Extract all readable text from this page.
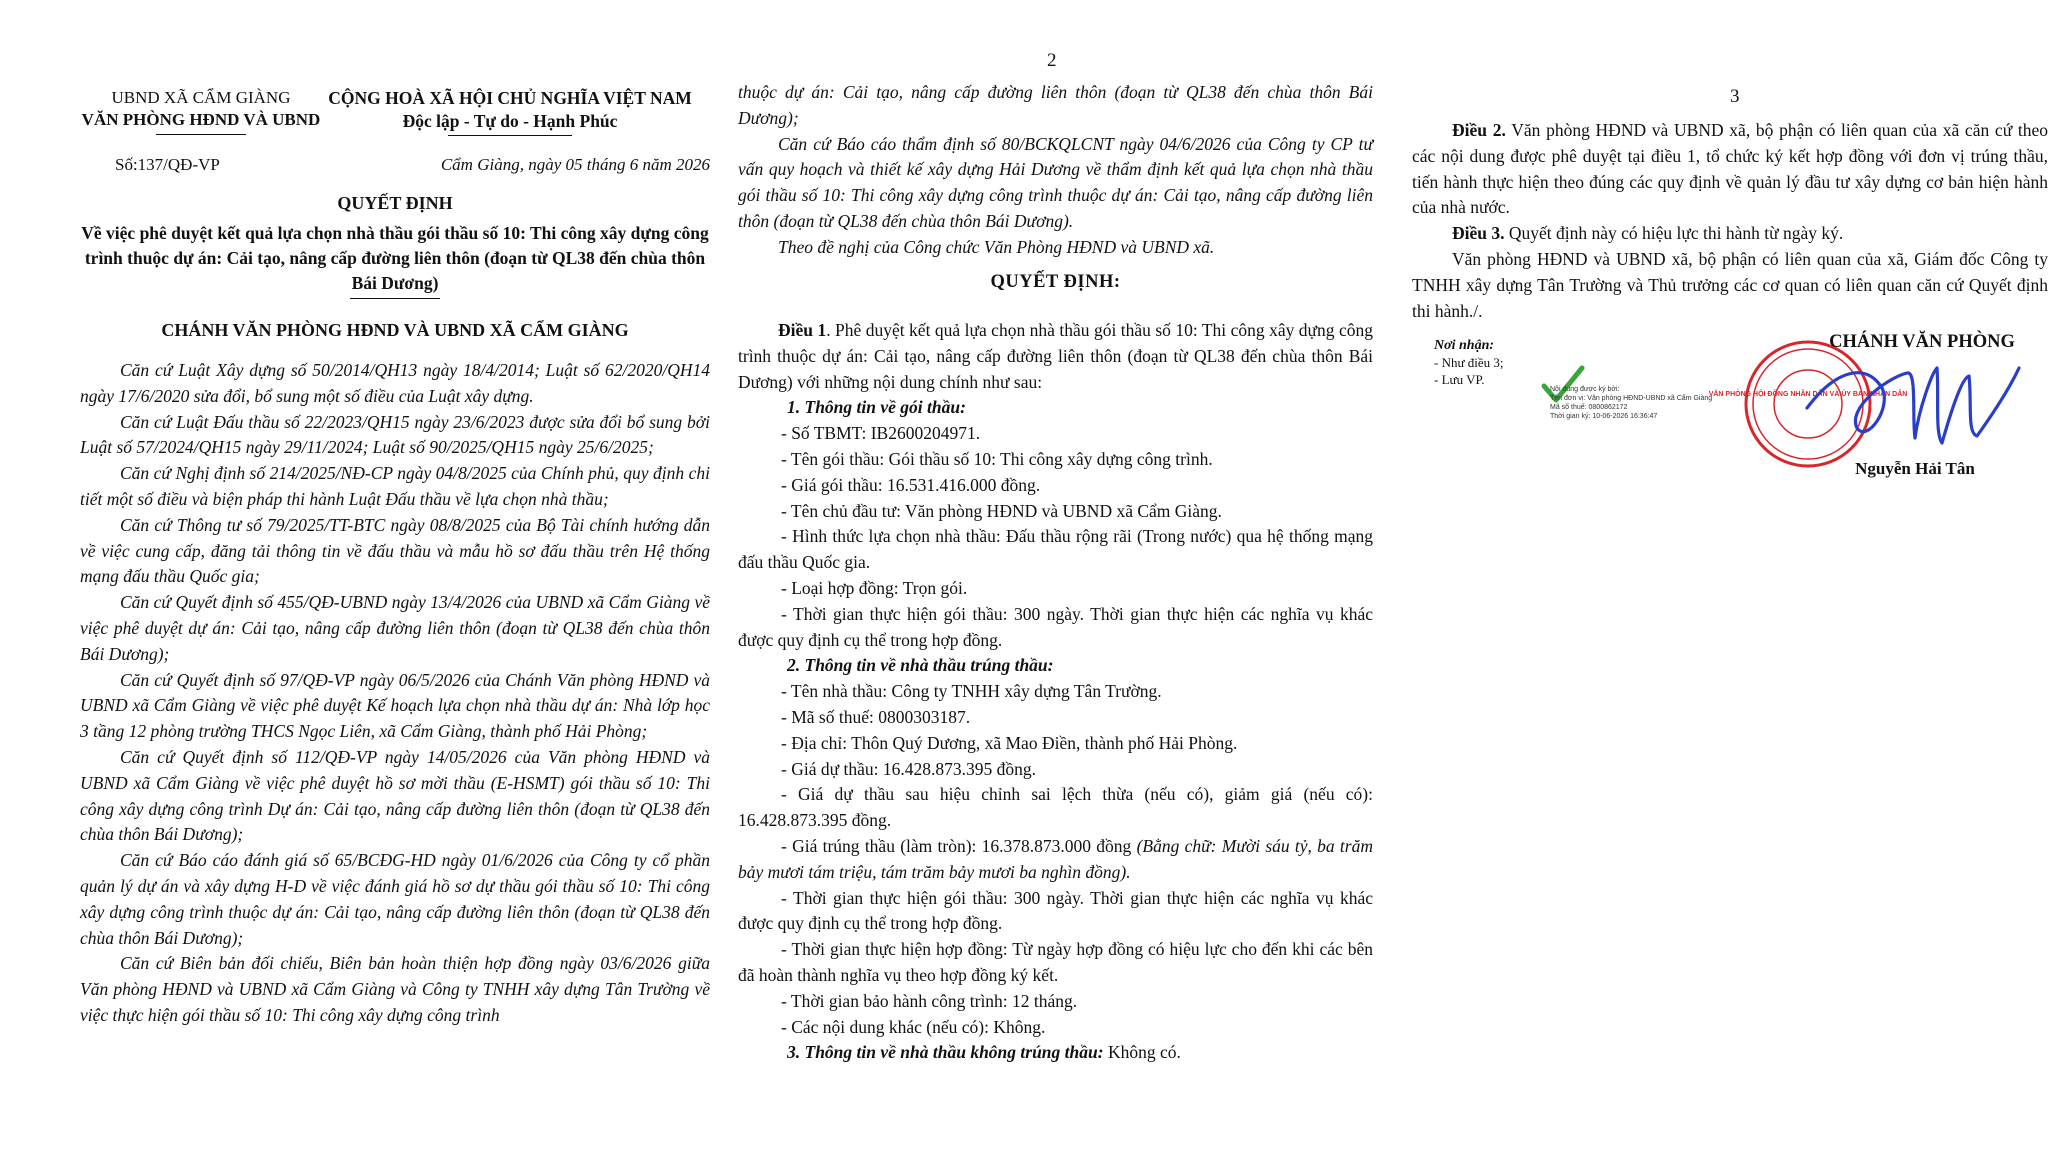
UBND XÃ CẨM GIÀNG
VĂN PHÒNG HĐND VÀ UBND
CỘNG HOÀ XÃ HỘI CHỦ NGHĨA VIỆT NAM
Độc lập - Tự do - Hạnh Phúc
Số:137/QĐ-VP	Cẩm Giàng, ngày 05 tháng 6 năm 2026
QUYẾT ĐỊNH
Về việc phê duyệt kết quả lựa chọn nhà thầu gói thầu số 10: Thi công xây dựng công trình thuộc dự án: Cải tạo, nâng cấp đường liên thôn (đoạn từ QL38 đến chùa thôn Bái Dương)
CHÁNH VĂN PHÒNG HĐND VÀ UBND XÃ CẨM GIÀNG

Căn cứ Luật Xây dựng số 50/2014/QH13 ngày 18/4/2014; Luật số 62/2020/QH14 ngày 17/6/2020 sửa đổi, bổ sung một số điều của Luật xây dựng.

Căn cứ Luật Đấu thầu số 22/2023/QH15 ngày 23/6/2023 được sửa đổi bổ sung bởi Luật số 57/2024/QH15 ngày 29/11/2024; Luật số 90/2025/QH15 ngày 25/6/2025;

Căn cứ Nghị định số 214/2025/NĐ-CP ngày 04/8/2025 của Chính phủ, quy định chi tiết một số điều và biện pháp thi hành Luật Đấu thầu về lựa chọn nhà thầu;

Căn cứ Thông tư số 79/2025/TT-BTC ngày 08/8/2025 của Bộ Tài chính hướng dẫn về việc cung cấp, đăng tải thông tin về đấu thầu và mẫu hồ sơ đấu thầu trên Hệ thống mạng đấu thầu Quốc gia;

Căn cứ Quyết định số 455/QĐ-UBND ngày 13/4/2026 của UBND xã Cẩm Giàng về việc phê duyệt dự án: Cải tạo, nâng cấp đường liên thôn (đoạn từ QL38 đến chùa thôn Bái Dương);

Căn cứ Quyết định số 97/QĐ-VP ngày 06/5/2026 của Chánh Văn phòng HĐND và UBND xã Cẩm Giàng về việc phê duyệt Kế hoạch lựa chọn nhà thầu dự án: Nhà lớp học 3 tầng 12 phòng trường THCS Ngọc Liên, xã Cẩm Giàng, thành phố Hải Phòng;

Căn cứ Quyết định số 112/QĐ-VP ngày 14/05/2026 của Văn phòng HĐND và UBND xã Cẩm Giàng về việc phê duyệt hồ sơ mời thầu (E-HSMT) gói thầu số 10: Thi công xây dựng công trình Dự án: Cải tạo, nâng cấp đường liên thôn (đoạn từ QL38 đến chùa thôn Bái Dương);

Căn cứ Báo cáo đánh giá số 65/BCĐG-HD ngày 01/6/2026 của Công ty cổ phần quản lý dự án và xây dựng H-D về việc đánh giá hồ sơ dự thầu gói thầu số 10: Thi công xây dựng công trình thuộc dự án: Cải tạo, nâng cấp đường liên thôn (đoạn từ QL38 đến chùa thôn Bái Dương);

Căn cứ Biên bản đối chiếu, Biên bản hoàn thiện hợp đồng ngày 03/6/2026 giữa Văn phòng HĐND và UBND xã Cẩm Giàng và Công ty TNHH xây dựng Tân Trường về việc thực hiện gói thầu số 10: Thi công xây dựng công trình

2

thuộc dự án: Cải tạo, nâng cấp đường liên thôn (đoạn từ QL38 đến chùa thôn Bái Dương);

Căn cứ Báo cáo thẩm định số 80/BCKQLCNT ngày 04/6/2026 của Công ty CP tư vấn quy hoạch và thiết kế xây dựng Hải Dương về thẩm định kết quả lựa chọn nhà thầu gói thầu số 10: Thi công xây dựng công trình thuộc dự án: Cải tạo, nâng cấp đường liên thôn (đoạn từ QL38 đến chùa thôn Bái Dương).

Theo đề nghị của Công chức Văn Phòng HĐND và UBND xã.

QUYẾT ĐỊNH:

Điều 1. Phê duyệt kết quả lựa chọn nhà thầu gói thầu số 10: Thi công xây dựng công trình thuộc dự án: Cải tạo, nâng cấp đường liên thôn (đoạn từ QL38 đến chùa thôn Bái Dương) với những nội dung chính như sau:

1. Thông tin về gói thầu:

- Số TBMT: IB2600204971.

- Tên gói thầu: Gói thầu số 10: Thi công xây dựng công trình.

- Giá gói thầu: 16.531.416.000 đồng.

- Tên chủ đầu tư: Văn phòng HĐND và UBND xã Cẩm Giàng.

- Hình thức lựa chọn nhà thầu: Đấu thầu rộng rãi (Trong nước) qua hệ thống mạng đấu thầu Quốc gia.

- Loại hợp đồng: Trọn gói.

- Thời gian thực hiện gói thầu: 300 ngày. Thời gian thực hiện các nghĩa vụ khác được quy định cụ thể trong hợp đồng.

2. Thông tin về nhà thầu trúng thầu:

- Tên nhà thầu: Công ty TNHH xây dựng Tân Trường.

- Mã số thuế: 0800303187.

- Địa chỉ: Thôn Quý Dương, xã Mao Điền, thành phố Hải Phòng.

- Giá dự thầu: 16.428.873.395 đồng.

- Giá dự thầu sau hiệu chỉnh sai lệch thừa (nếu có), giảm giá (nếu có): 16.428.873.395 đồng.

- Giá trúng thầu (làm tròn): 16.378.873.000 đồng (Bằng chữ: Mười sáu tỷ, ba trăm bảy mươi tám triệu, tám trăm bảy mươi ba nghìn đồng).

- Thời gian thực hiện gói thầu: 300 ngày. Thời gian thực hiện các nghĩa vụ khác được quy định cụ thể trong hợp đồng.

- Thời gian thực hiện hợp đồng: Từ ngày hợp đồng có hiệu lực cho đến khi các bên đã hoàn thành nghĩa vụ theo hợp đồng ký kết.

- Thời gian bảo hành công trình: 12 tháng.

- Các nội dung khác (nếu có): Không.

3. Thông tin về nhà thầu không trúng thầu: Không có.

3

Điều 2. Văn phòng HĐND và UBND xã, bộ phận có liên quan của xã căn cứ theo các nội dung được phê duyệt tại điều 1, tổ chức ký kết hợp đồng với đơn vị trúng thầu, tiến hành thực hiện theo đúng các quy định về quản lý đầu tư xây dựng cơ bản hiện hành của nhà nước.

Điều 3. Quyết định này có hiệu lực thi hành từ ngày ký.

Văn phòng HĐND và UBND xã, bộ phận có liên quan của xã, Giám đốc Công ty TNHH xây dựng Tân Trường và Thủ trưởng các cơ quan có liên quan căn cứ Quyết định thi hành./.

Nơi nhận:
- Như điều 3;
- Lưu VP.
Nội dung được ký bởi:
Tên đơn vị: Văn phòng HĐND-UBND xã Cẩm Giàng
Mã số thuế: 0800862172
Thời gian ký: 10-06-2026 16:36:47
VĂN PHÒNG HỘI ĐỒNG NHÂN DÂN VÀ ỦY BAN NHÂN DÂN
CHÁNH VĂN PHÒNG
Nguyễn Hải Tân
